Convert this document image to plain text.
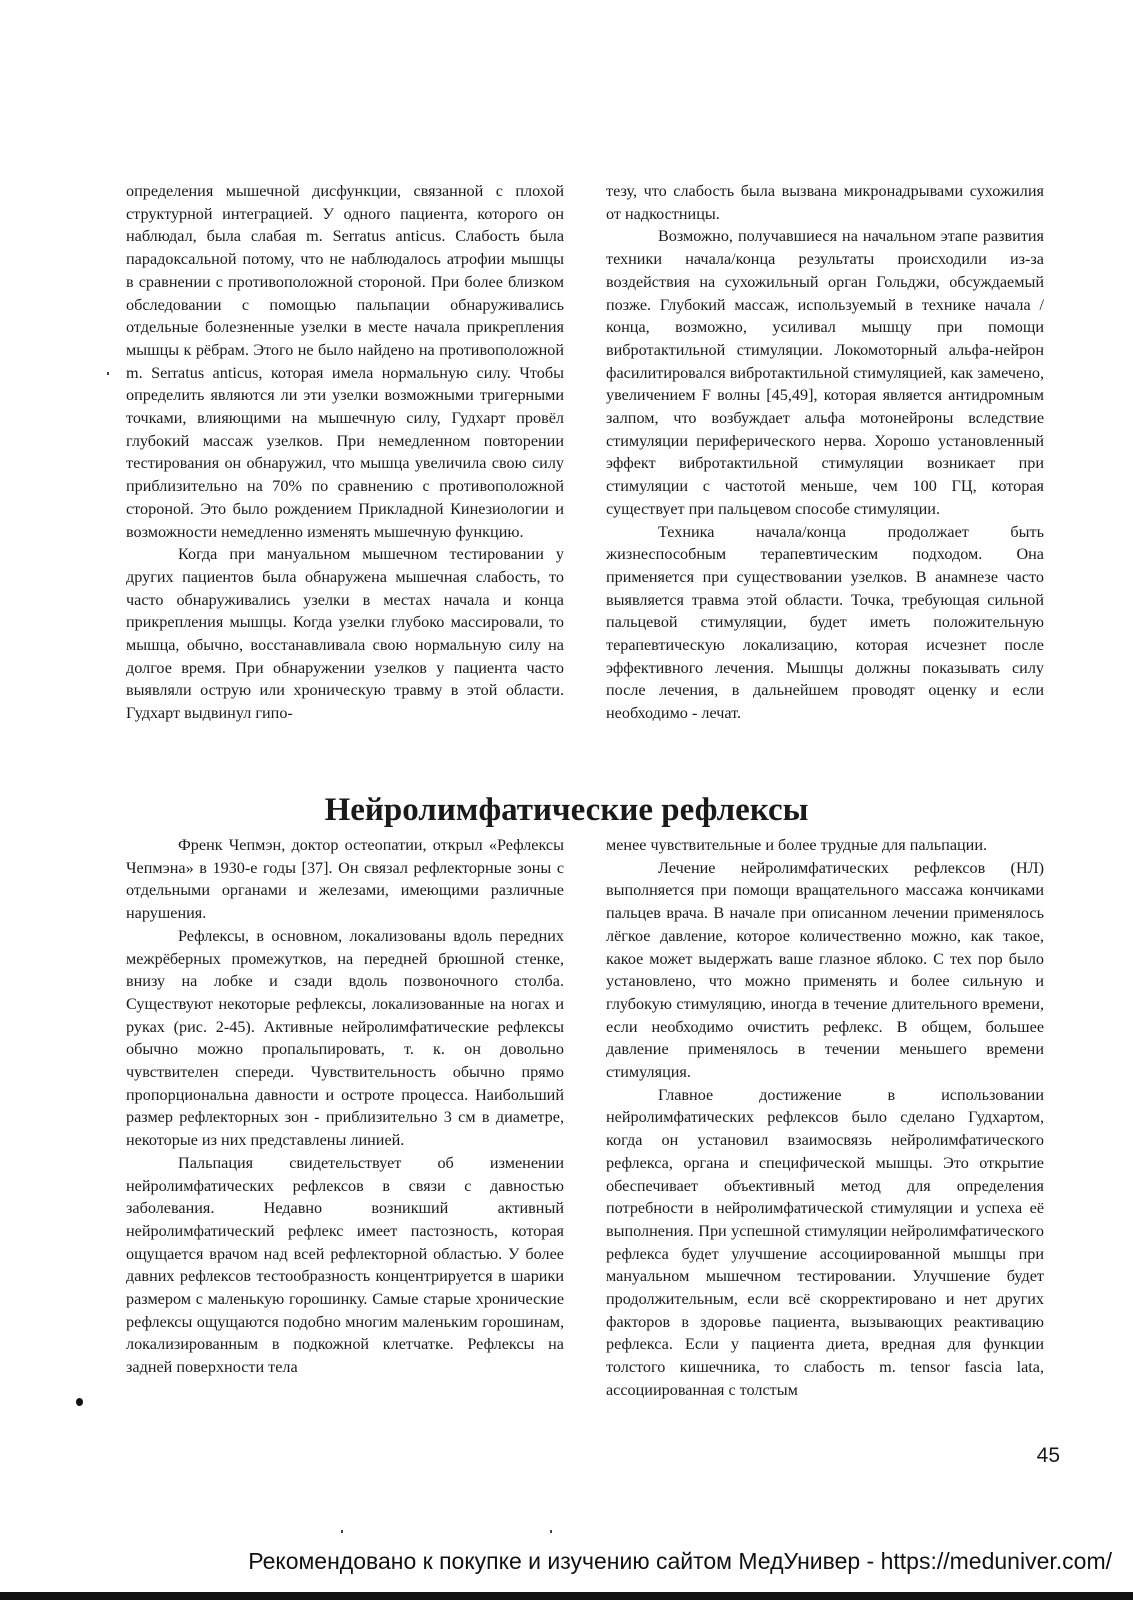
определения мышечной дисфункции, связанной с плохой структурной интеграцией. У одного пациента, которого он наблюдал, была слабая m. Serratus anticus. Слабость была парадоксальной потому, что не наблюдалось атрофии мышцы в сравнении с противоположной стороной. При более близком обследовании с помощью пальпации обнаруживались отдельные болезненные узелки в месте начала прикрепления мышцы к рёбрам. Этого не было найдено на противоположной m. Serratus anticus, которая имела нормальную силу. Чтобы определить являются ли эти узелки возможными тригерными точками, влияющими на мышечную силу, Гудхарт провёл глубокий массаж узелков. При немедленном повторении тестирования он обнаружил, что мышца увеличила свою силу приблизительно на 70% по сравнению с противоположной стороной. Это было рождением Прикладной Кинезиологии и возможности немедленно изменять мышечную функцию.

Когда при мануальном мышечном тестировании у других пациентов была обнаружена мышечная слабость, то часто обнаруживались узелки в местах начала и конца прикрепления мышцы. Когда узелки глубоко массировали, то мышца, обычно, восстанавливала свою нормальную силу на долгое время. При обнаружении узелков у пациента часто выявляли острую или хроническую травму в этой области. Гудхарт выдвинул гипо-

тезу, что слабость была вызвана микронадрывами сухожилия от надкостницы.

Возможно, получавшиеся на начальном этапе развития техники начала/конца результаты происходили из-за воздействия на сухожильный орган Гольджи, обсуждаемый позже. Глубокий массаж, используемый в технике начала / конца, возможно, усиливал мышцу при помощи вибротактильной стимуляции. Локомоторный альфа-нейрон фасилитировался вибротактильной стимуляцией, как замечено, увеличением F волны [45,49], которая является антидромным залпом, что возбуждает альфа мотонейроны вследствие стимуляции периферического нерва. Хорошо установленный эффект вибротактильной стимуляции возникает при стимуляции с частотой меньше, чем 100 ГЦ, которая существует при пальцевом способе стимуляции.

Техника начала/конца продолжает быть жизнеспособным терапевтическим подходом. Она применяется при существовании узелков. В анамнезе часто выявляется травма этой области. Точка, требующая сильной пальцевой стимуляции, будет иметь положительную терапевтическую локализацию, которая исчезнет после эффективного лечения. Мышцы должны показывать силу после лечения, в дальнейшем проводят оценку и если необходимо - лечат.

Нейролимфатические рефлексы

Френк Чепмэн, доктор остеопатии, открыл «Рефлексы Чепмэна» в 1930-е годы [37]. Он связал рефлекторные зоны с отдельными органами и железами, имеющими различные нарушения.

Рефлексы, в основном, локализованы вдоль передних межрёберных промежутков, на передней брюшной стенке, внизу на лобке и сзади вдоль позвоночного столба. Существуют некоторые рефлексы, локализованные на ногах и руках (рис. 2-45). Активные нейролимфатические рефлексы обычно можно пропальпировать, т. к. он довольно чувствителен спереди. Чувствительность обычно прямо пропорциональна давности и остроте процесса. Наибольший размер рефлекторных зон - приблизительно 3 см в диаметре, некоторые из них представлены линией.

Пальпация свидетельствует об изменении нейролимфатических рефлексов в связи с давностью заболевания. Недавно возникший активный нейролимфатический рефлекс имеет пастозность, которая ощущается врачом над всей рефлекторной областью. У более давних рефлексов тестообразность концентрируется в шарики размером с маленькую горошинку. Самые старые хронические рефлексы ощущаются подобно многим маленьким горошинам, локализированным в подкожной клетчатке. Рефлексы на задней поверхности тела

менее чувствительные и более трудные для пальпации.

Лечение нейролимфатических рефлексов (НЛ) выполняется при помощи вращательного массажа кончиками пальцев врача. В начале при описанном лечении применялось лёгкое давление, которое количественно можно, как такое, какое может выдержать ваше глазное яблоко. С тех пор было установлено, что можно применять и более сильную и глубокую стимуляцию, иногда в течение длительного времени, если необходимо очистить рефлекс. В общем, большее давление применялось в течении меньшего времени стимуляция.

Главное достижение в использовании нейролимфатических рефлексов было сделано Гудхартом, когда он установил взаимосвязь нейролимфатического рефлекса, органа и специфической мышцы. Это открытие обеспечивает объективный метод для определения потребности в нейролимфатической стимуляции и успеха её выполнения. При успешной стимуляции нейролимфатического рефлекса будет улучшение ассоциированной мышцы при мануальном мышечном тестировании. Улучшение будет продолжительным, если всё скорректировано и нет других факторов в здоровье пациента, вызывающих реактивацию рефлекса. Если у пациента диета, вредная для функции толстого кишечника, то слабость m. tensor fascia lata, ассоциированная с толстым

45
Рекомендовано к покупке и изучению сайтом МедУнивер - https://meduniver.com/
